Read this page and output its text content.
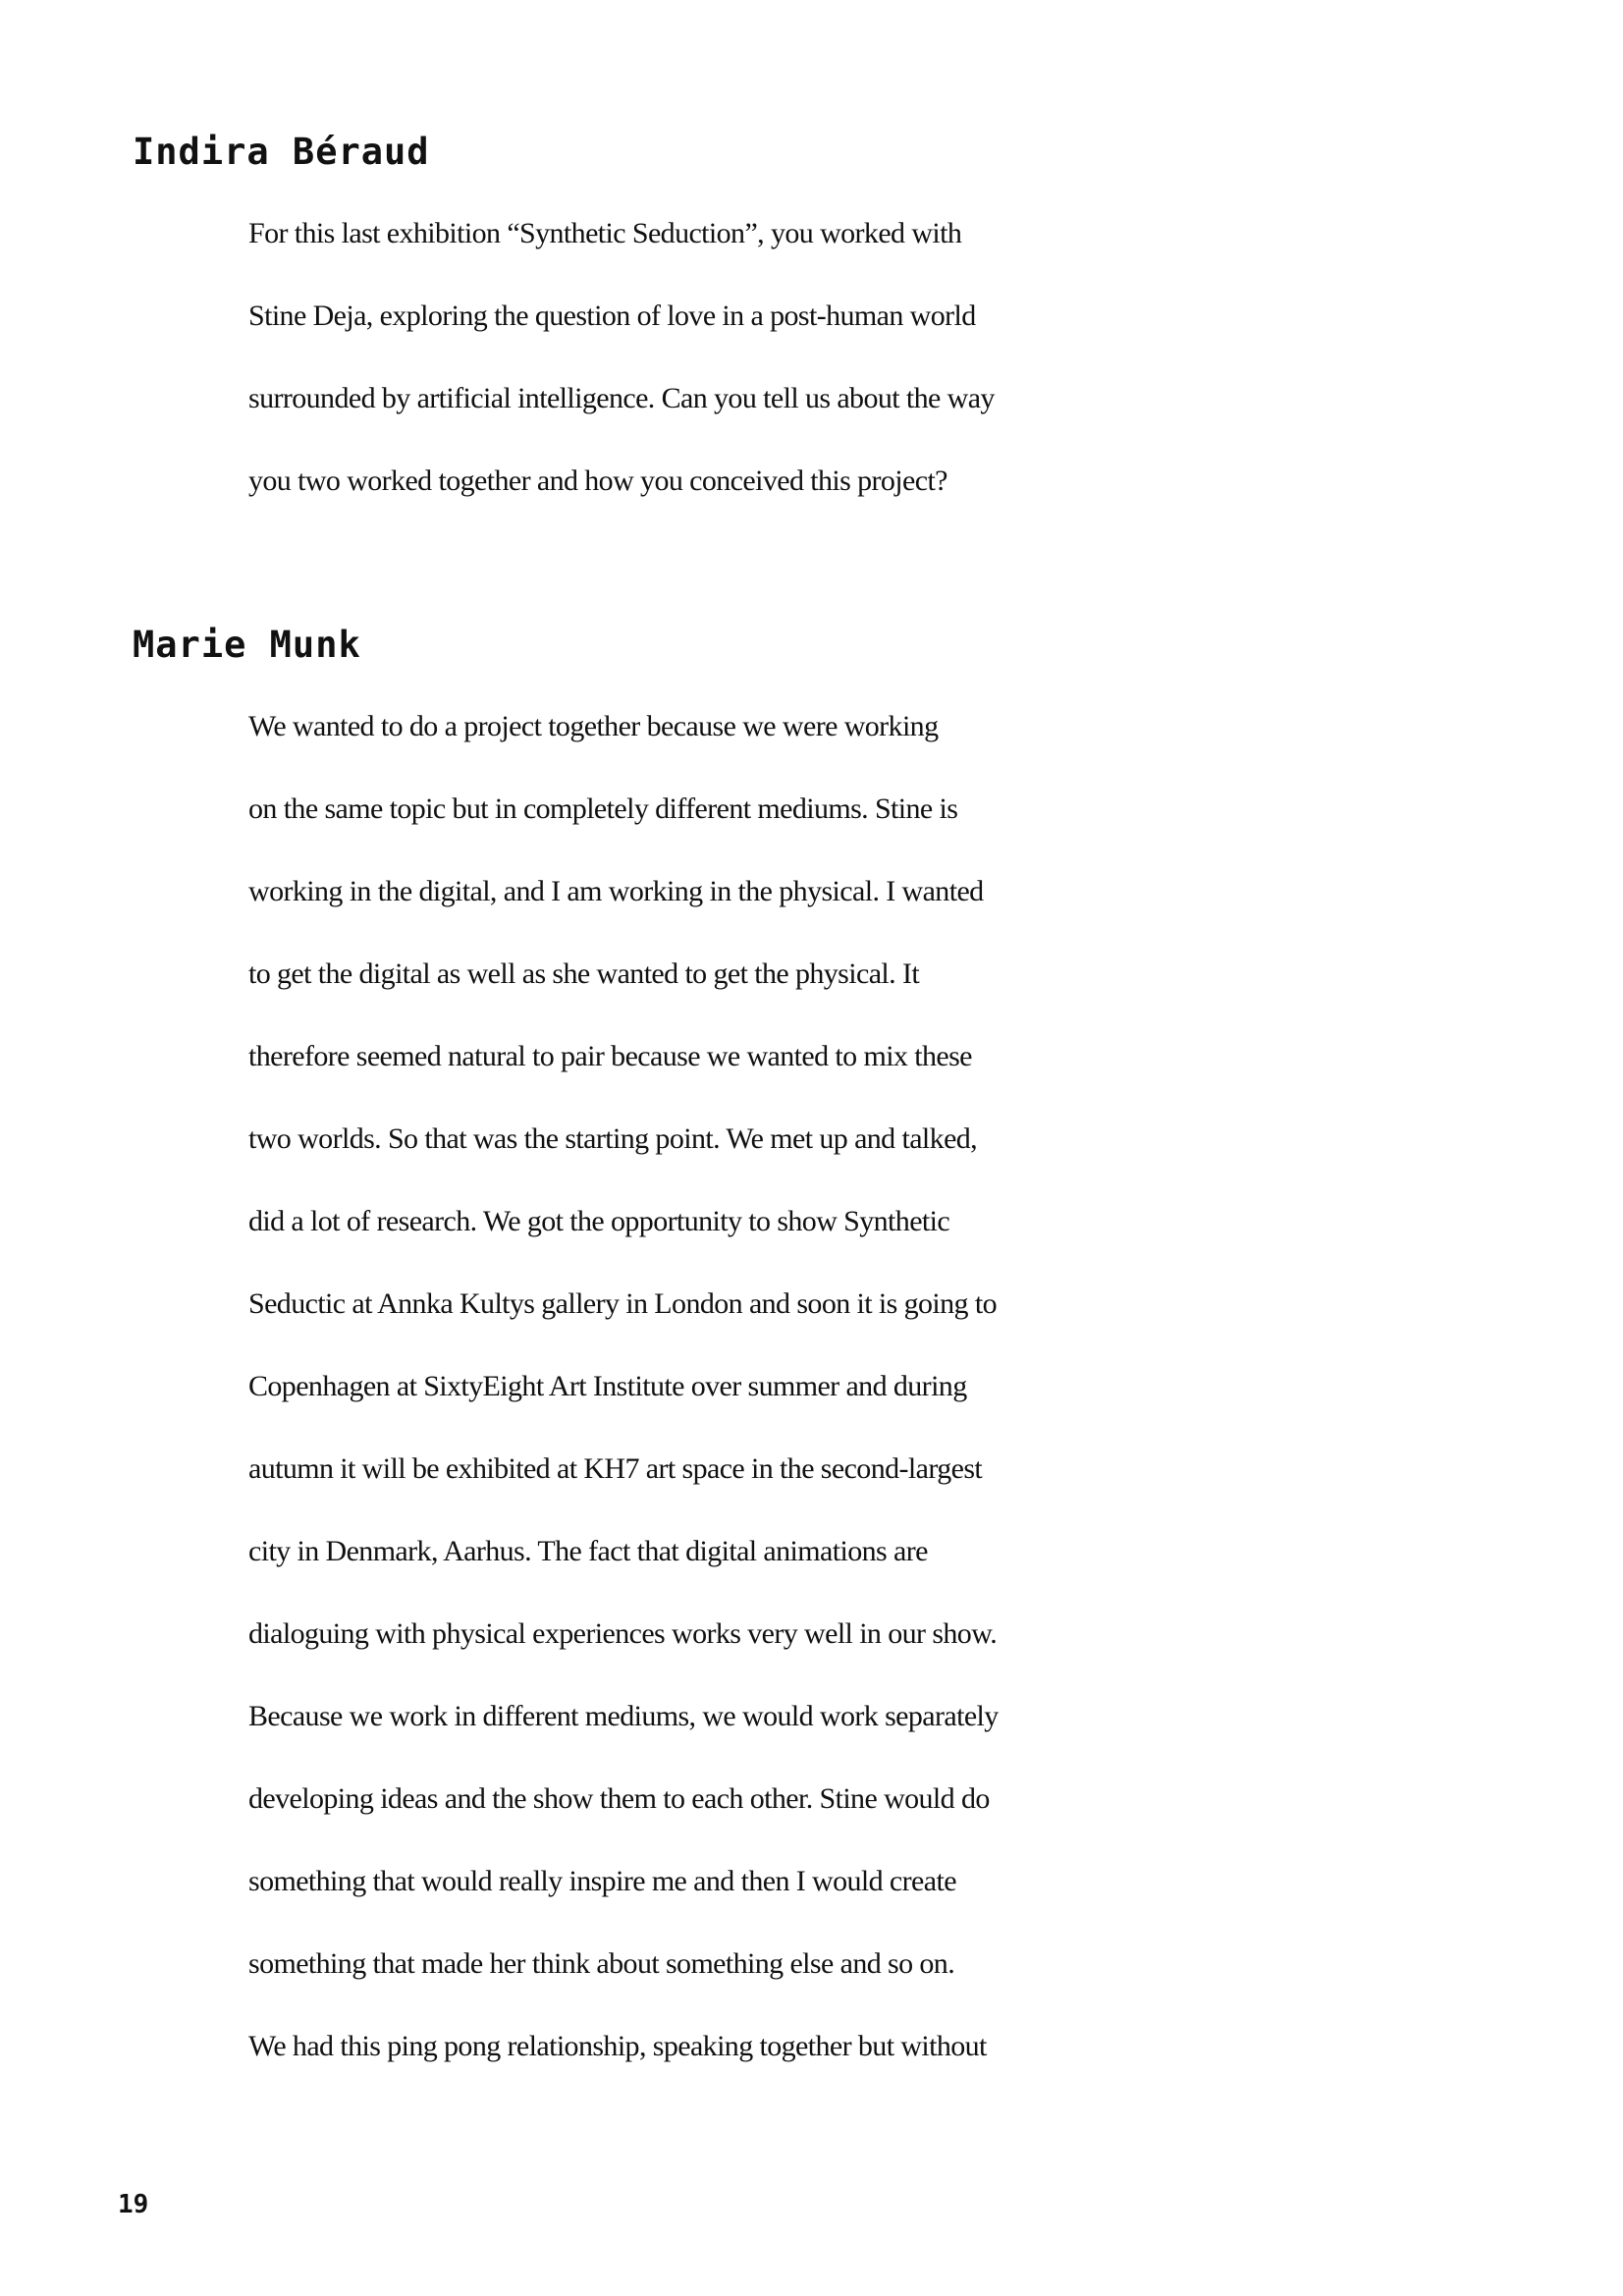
Indira Béraud

For this last exhibition “Synthetic Seduction”, you worked with
Stine Deja, exploring the question of love in a post-human world
surrounded by artificial intelligence. Can you tell us about the way
you two worked together and how you conceived this project?

Marie Munk

We wanted to do a project together because we were working
on the same topic but in completely different mediums. Stine is
working in the digital, and I am working in the physical. I wanted
to get the digital as well as she wanted to get the physical. It
therefore seemed natural to pair because we wanted to mix these
two worlds. So that was the starting point. We met up and talked,
did a lot of research. We got the opportunity to show Synthetic
Seductic at Annka Kultys gallery in London and soon it is going to
Copenhagen at SixtyEight Art Institute over summer and during
autumn it will be exhibited at KH7 art space in the second-largest
city in Denmark, Aarhus. The fact that digital animations are
dialoguing with physical experiences works very well in our show.
Because we work in different mediums, we would work separately
developing ideas and the show them to each other. Stine would do
something that would really inspire me and then I would create
something that made her think about something else and so on.
We had this ping pong relationship, speaking together but without

19
